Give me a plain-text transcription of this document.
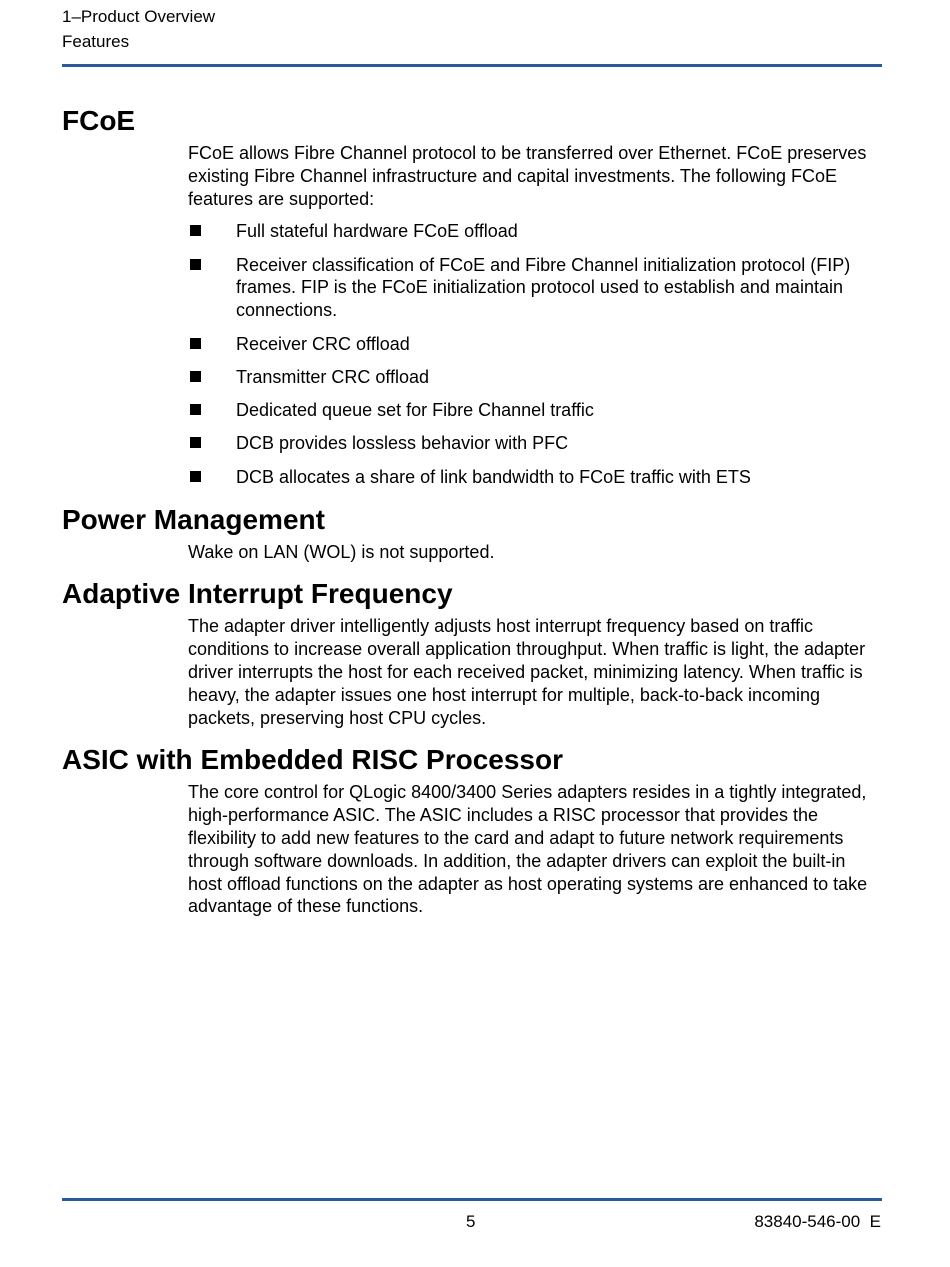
1–Product Overview
Features
FCoE

FCoE allows Fibre Channel protocol to be transferred over Ethernet. FCoE preserves existing Fibre Channel infrastructure and capital investments. The following FCoE features are supported:

Full stateful hardware FCoE offload
Receiver classification of FCoE and Fibre Channel initialization protocol (FIP) frames. FIP is the FCoE initialization protocol used to establish and maintain connections.
Receiver CRC offload
Transmitter CRC offload
Dedicated queue set for Fibre Channel traffic
DCB provides lossless behavior with PFC
DCB allocates a share of link bandwidth to FCoE traffic with ETS
Power Management

Wake on LAN (WOL) is not supported.

Adaptive Interrupt Frequency

The adapter driver intelligently adjusts host interrupt frequency based on traffic conditions to increase overall application throughput. When traffic is light, the adapter driver interrupts the host for each received packet, minimizing latency. When traffic is heavy, the adapter issues one host interrupt for multiple, back-to-back incoming packets, preserving host CPU cycles.

ASIC with Embedded RISC Processor

The core control for QLogic 8400/3400 Series adapters resides in a tightly integrated, high-performance ASIC. The ASIC includes a RISC processor that provides the flexibility to add new features to the card and adapt to future network requirements through software downloads. In addition, the adapter drivers can exploit the built-in host offload functions on the adapter as host operating systems are enhanced to take advantage of these functions.

5	83840-546-00  E
